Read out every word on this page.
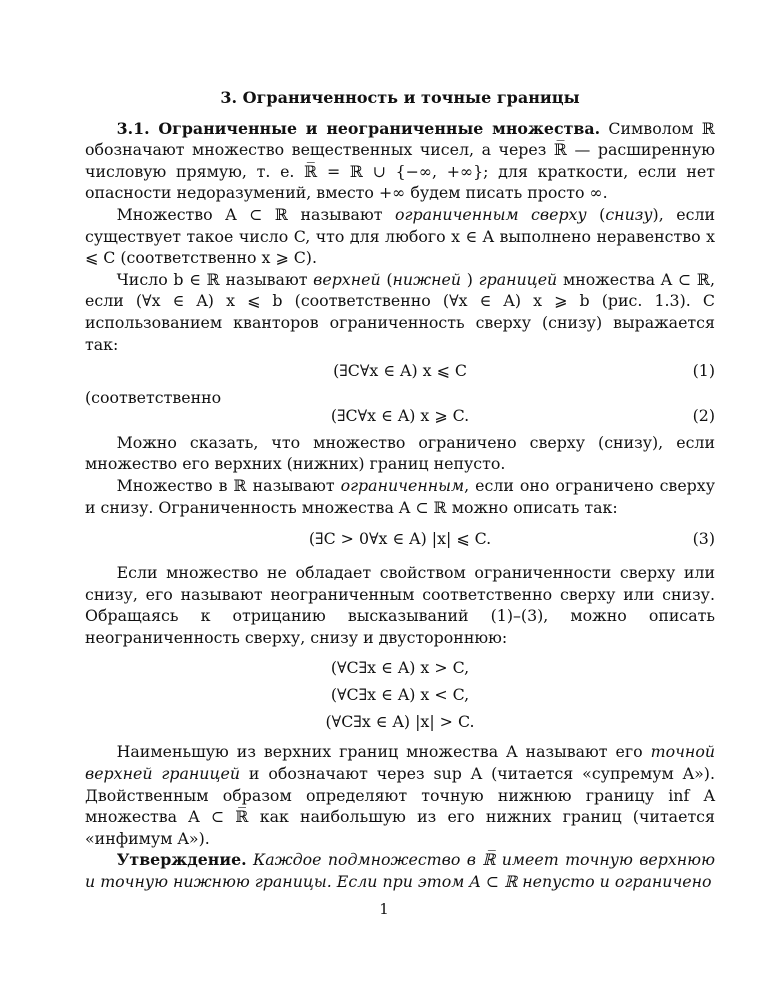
3. Ограниченность и точные границы

3.1. Ограниченные и неограниченные множества. Символом ℝ обозначают множество вещественных чисел, а через ℝ̅ — расширенную числовую прямую, т. е. ℝ̅ = ℝ ∪ {−∞, +∞}; для краткости, если нет опасности недоразумений, вместо +∞ будем писать просто ∞.

Множество A ⊂ ℝ называют ограниченным сверху (снизу), если существует такое число C, что для любого x ∈ A выполнено неравенство x ⩽ C (соответственно x ⩾ C).

Число b ∈ ℝ называют верхней (нижней ) границей множества A ⊂ ℝ, если (∀x ∈ A) x ⩽ b (соответственно (∀x ∈ A) x ⩾ b (рис. 1.3). С использованием кванторов ограниченность сверху (снизу) выражается так:

(∃C∀x ∈ A) x ⩽ C	(1)

(соответственно

(∃C∀x ∈ A) x ⩾ C.	(2)

Можно сказать, что множество ограничено сверху (снизу), если множество его верхних (нижних) границ непусто.

Множество в ℝ называют ограниченным, если оно ограничено сверху и снизу. Ограниченность множества A ⊂ ℝ можно описать так:

(∃C > 0∀x ∈ A) |x| ⩽ C.	(3)

Если множество не обладает свойством ограниченности сверху или снизу, его называют неограниченным соответственно сверху или снизу. Обращаясь к отрицанию высказываний (1)–(3), можно описать неограниченность сверху, снизу и двустороннюю:

(∀C∃x ∈ A) x > C,
(∀C∃x ∈ A) x < C,
(∀C∃x ∈ A) |x| > C.

Наименьшую из верхних границ множества A называют его точной верхней границей и обозначают через sup A (читается «супремум A»). Двойственным образом определяют точную нижнюю границу inf A множества A ⊂ ℝ̅ как наибольшую из его нижних границ (читается «инфимум A»).

Утверждение. Каждое подмножество в ℝ̅ имеет точную верхнюю и точную нижнюю границы. Если при этом A ⊂ ℝ непусто и ограничено

1
